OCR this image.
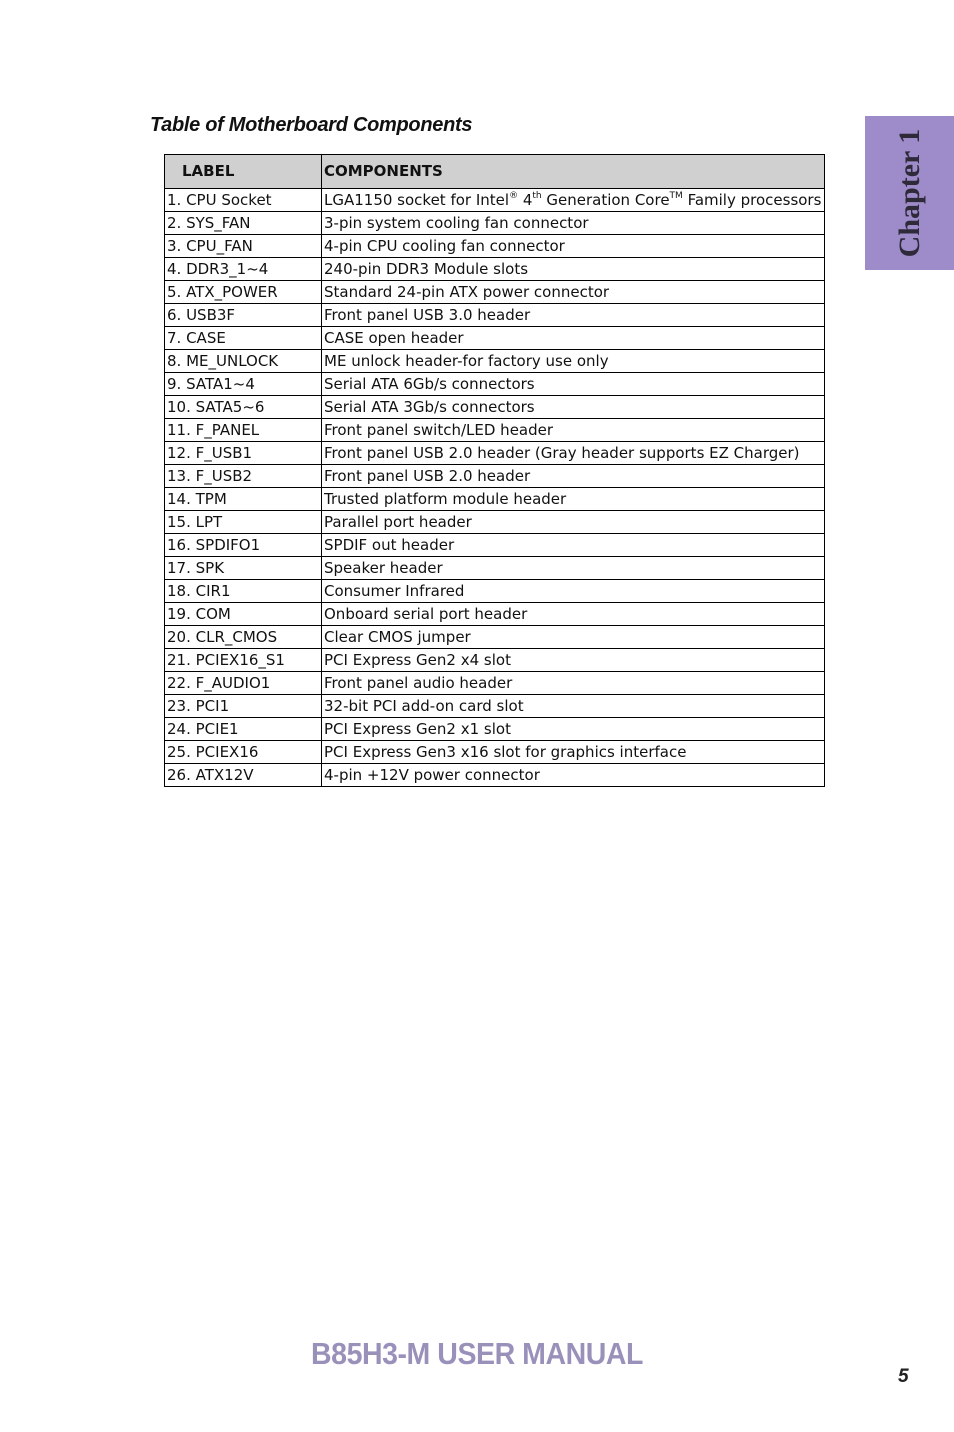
Table of Motherboard Components
Chapter 1
LABEL	COMPONENTS
1. CPU Socket	LGA1150 socket for Intel® 4th Generation Core™ Family processors
2. SYS_FAN	3-pin system cooling fan connector
3. CPU_FAN	4-pin CPU cooling fan connector
4. DDR3_1~4	240-pin DDR3 Module slots
5. ATX_POWER	Standard 24-pin ATX power connector
6. USB3F	Front panel USB 3.0 header
7. CASE	CASE open header
8. ME_UNLOCK	ME unlock header-for factory use only
9. SATA1~4	Serial ATA 6Gb/s connectors
10. SATA5~6	Serial ATA 3Gb/s connectors
11. F_PANEL	Front panel switch/LED header
12. F_USB1	Front panel USB 2.0 header (Gray header supports EZ Charger)
13. F_USB2	Front panel USB 2.0 header
14. TPM	Trusted platform module header
15. LPT	Parallel port header
16. SPDIFO1	SPDIF out header
17. SPK	Speaker header
18. CIR1	Consumer Infrared
19. COM	Onboard serial port header
20. CLR_CMOS	Clear CMOS jumper
21. PCIEX16_S1	PCI Express Gen2 x4 slot
22. F_AUDIO1	Front panel audio header
23. PCI1	32-bit PCI add-on card slot
24. PCIE1	PCI Express Gen2 x1 slot
25. PCIEX16	PCI Express Gen3 x16 slot for graphics interface
26. ATX12V	4-pin +12V power connector
B85H3-M USER MANUAL
5
